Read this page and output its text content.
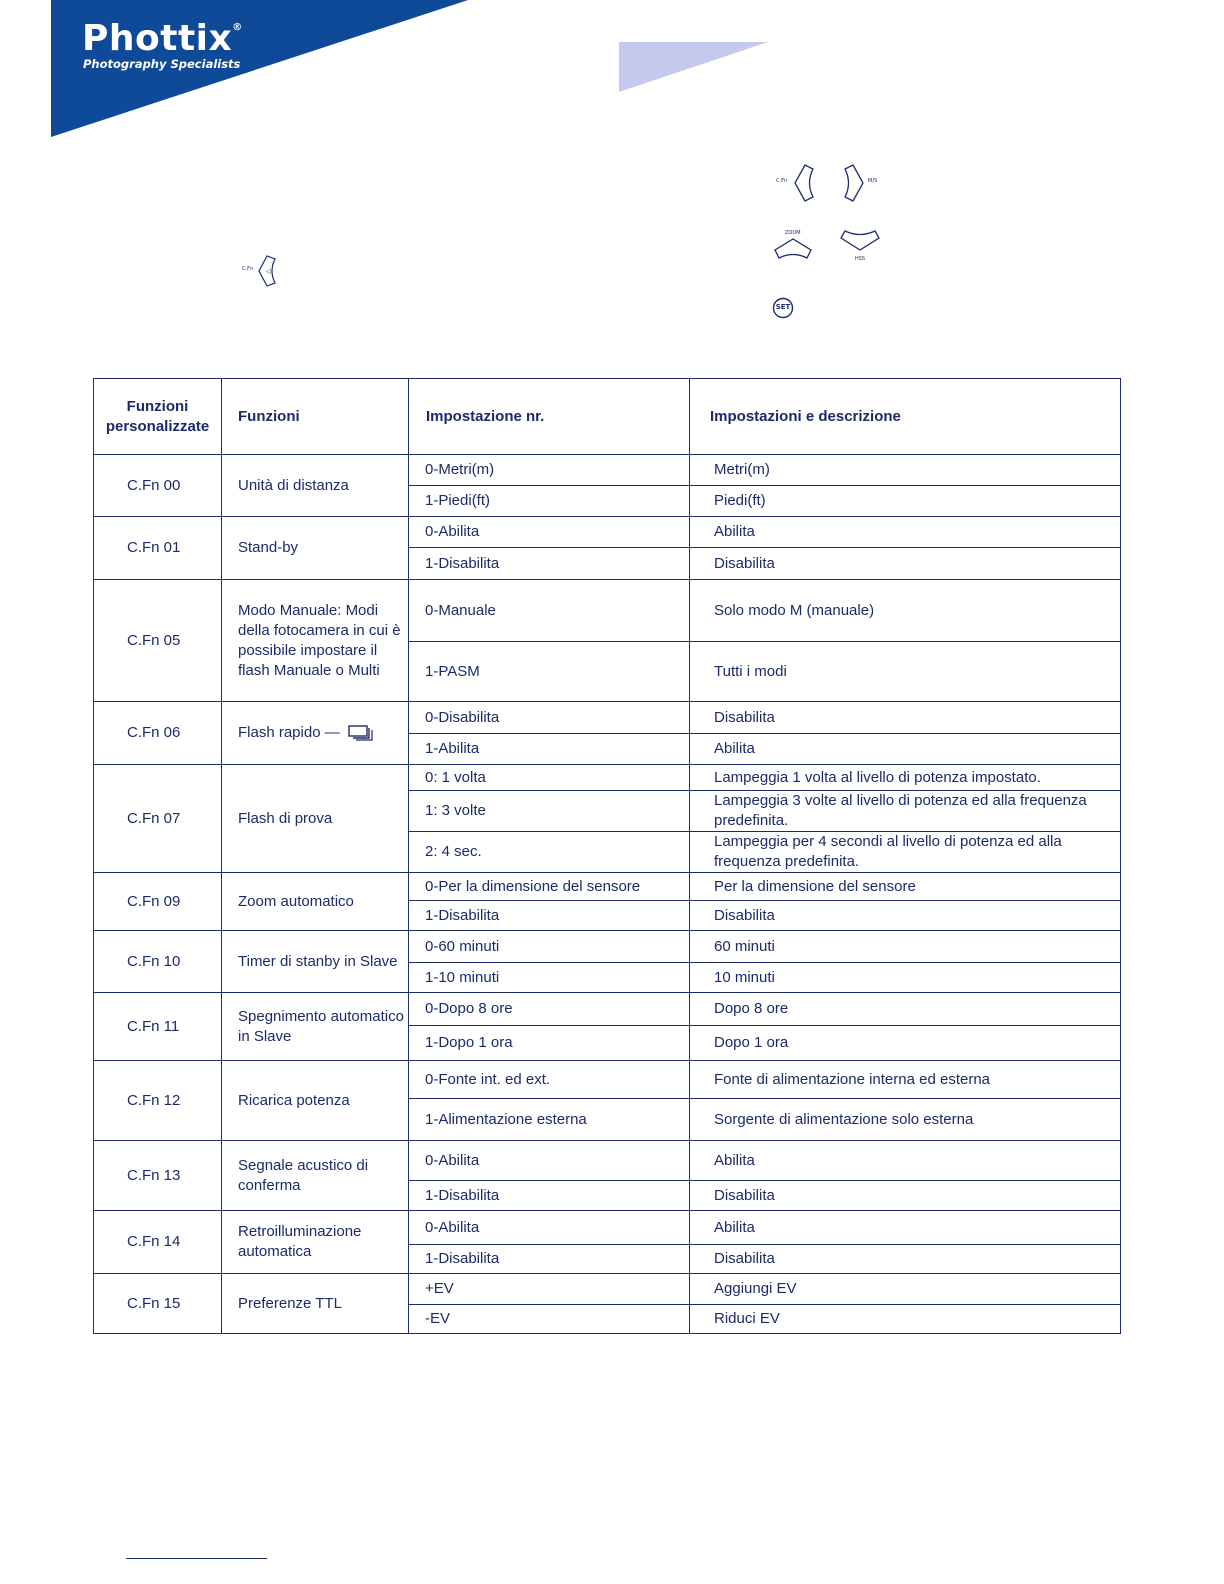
Phottix®
Photography Specialists
C.Fn ◁
C.Fn	M/S
ZOOM
HSS
SET
Funzioni personalizzate	Funzioni	Impostazione nr.	Impostazioni e descrizione
C.Fn 00	Unità di distanza	0-Metri(m)	Metri(m)
		1-Piedi(ft)	Piedi(ft)
C.Fn 01	Stand-by	0-Abilita	Abilita
		1-Disabilita	Disabilita
C.Fn 05	Modo Manuale: Modi della fotocamera in cui è possibile impostare il flash Manuale o Multi	0-Manuale	Solo modo M (manuale)
		1-PASM	Tutti i modi
C.Fn 06	Flash rapido —	0-Disabilita	Disabilita
		1-Abilita	Abilita
C.Fn 07	Flash di prova	0: 1 volta	Lampeggia 1 volta al livello di potenza impostato.
		1: 3 volte	Lampeggia 3 volte al livello di potenza ed alla frequenza predefinita.
		2: 4 sec.	Lampeggia per 4 secondi al livello di potenza ed alla frequenza predefinita.
C.Fn 09	Zoom automatico	0-Per la dimensione del sensore	Per la dimensione del sensore
		1-Disabilita	Disabilita
C.Fn 10	Timer di stanby in Slave	0-60 minuti	60 minuti
		1-10 minuti	10 minuti
C.Fn 11	Spegnimento automatico in Slave	0-Dopo 8 ore	Dopo 8 ore
		1-Dopo 1 ora	Dopo 1 ora
C.Fn 12	Ricarica potenza	0-Fonte int. ed ext.	Fonte di alimentazione interna ed esterna
		1-Alimentazione esterna	Sorgente di alimentazione solo esterna
C.Fn 13	Segnale acustico di conferma	0-Abilita	Abilita
		1-Disabilita	Disabilita
C.Fn 14	Retroilluminazione automatica	0-Abilita	Abilita
		1-Disabilita	Disabilita
C.Fn 15	Preferenze TTL	+EV	Aggiungi EV
		-EV	Riduci EV
